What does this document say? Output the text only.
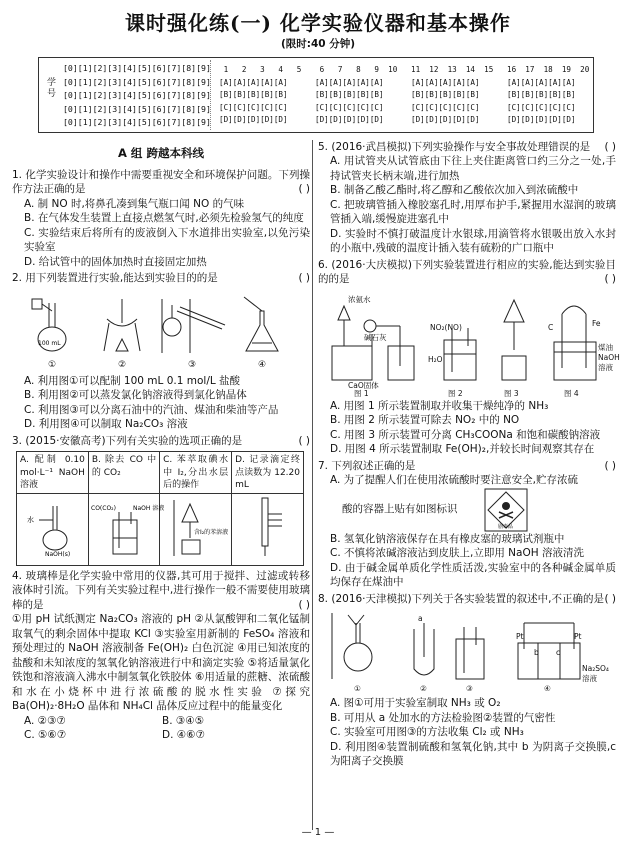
课时强化练(一) 化学实验仪器和基本操作
(限时:40 分钟)
学号
[0][1][2][3][4][5][6][7][8][9]
[0][1][2][3][4][5][6][7][8][9]
[0][1][2][3][4][5][6][7][8][9]
[0][1][2][3][4][5][6][7][8][9]
[0][1][2][3][4][5][6][7][8][9]
1   2   3   4   5
[A][A][A][A][A]
[B][B][B][B][B]
[C][C][C][C][C]
[D][D][D][D][D]
6   7   8   9  10
[A][A][A][A][A]
[B][B][B][B][B]
[C][C][C][C][C]
[D][D][D][D][D]
11  12  13  14  15
[A][A][A][A][A]
[B][B][B][B][B]
[C][C][C][C][C]
[D][D][D][D][D]
16  17  18  19  20
[A][A][A][A][A]
[B][B][B][B][B]
[C][C][C][C][C]
[D][D][D][D][D]
A 组 跨越本科线
1. 化学实验设计和操作中需要重视安全和环境保护问题。下列操作方法正确的是	( )
A. 制 NO 时,将鼻孔凑到集气瓶口闻 NO 的气味
B. 在气体发生装置上直接点燃氢气时,必须先检验氢气的纯度
C. 实验结束后将所有的废液倒入下水道排出实验室,以免污染实验室
D. 给试管中的固体加热时直接固定加热
2. 用下列装置进行实验,能达到实验目的的是	( )
100 mL
①	②	③	④
A. 利用图①可以配制 100 mL 0.1 mol/L 盐酸
B. 利用图②可以蒸发氯化钠溶液得到氯化钠晶体
C. 利用图③可以分离石油中的汽油、煤油和柴油等产品
D. 利用图④可以制取 Na₂CO₃ 溶液
3. (2015·安徽高考)下列有关实验的选项正确的是	( )
A. 配制 0.10 mol·L⁻¹ NaOH 溶液	B. 除去 CO 中的 CO₂	C. 苯萃取碘水中 I₂,分出水层后的操作	D. 记录滴定终点读数为 12.20 mL

水
NaOH(s)	CO(CO₂) NaOH 溶液	含I₂的苯溶液

4. 玻璃棒是化学实验中常用的仪器,其可用于搅拌、过滤或转移液体时引流。下列有关实验过程中,进行操作一般不需要使用玻璃棒的是	( )
①用 pH 试纸测定 Na₂CO₃ 溶液的 pH ②从氯酸钾和二氧化锰制取氧气的剩余固体中提取 KCl ③实验室用新制的 FeSO₄ 溶液和预处理过的 NaOH 溶液制备 Fe(OH)₂ 白色沉淀 ④用已知浓度的盐酸和未知浓度的氢氧化钠溶液进行中和滴定实验 ⑤将适量氯化铁饱和溶液滴入沸水中制氢氧化铁胶体 ⑥用适量的蔗糖、浓硫酸和水在小烧杯中进行浓硫酸的脱水性实验 ⑦探究 Ba(OH)₂·8H₂O 晶体和 NH₄Cl 晶体反应过程中的能量变化
A. ②③⑦	B. ③④⑤
C. ⑤⑥⑦	D. ④⑥⑦
5. (2016·武昌模拟)下列实验操作与安全事故处理错误的是 ( )
A. 用试管夹从试管底由下往上夹住距离管口约三分之一处,手持试管夹长柄末端,进行加热
B. 制备乙酸乙酯时,将乙醇和乙酸依次加入到浓硫酸中
C. 把玻璃管插入橡胶塞孔时,用厚布护手,紧握用水湿润的玻璃管插入端,缓慢旋进塞孔中
D. 实验时不慎打破温度计水银球,用滴管将水银吸出放入水封的小瓶中,残破的温度计插入装有硫粉的广口瓶中
6. (2016·大庆模拟)下列实验装置进行相应的实验,能达到实验目的的是	( )
浓氨水
碱石灰
CaO固体
NO₂(NO)
H₂O
C	Fe
煤油
NaOH
溶液
图 1	图 2	图 3	图 4
A. 用图 1 所示装置制取并收集干燥纯净的 NH₃
B. 用图 2 所示装置可除去 NO₂ 中的 NO
C. 用图 3 所示装置可分离 CH₃COONa 和饱和碳酸钠溶液
D. 用图 4 所示装置制取 Fe(OH)₂,并较长时间观察其存在
7. 下列叙述正确的是	( )
A. 为了提醒人们在使用浓硫酸时要注意安全,贮存浓硫
酸的容器上贴有如图标识
剧毒品
B. 氢氧化钠溶液保存在具有橡皮塞的玻璃试剂瓶中
C. 不慎将浓碱溶液沾到皮肤上,立即用 NaOH 溶液清洗
D. 由于碱金属单质化学性质活泼,实验室中的各种碱金属单质均保存在煤油中
8. (2016·天津模拟)下列关于各实验装置的叙述中,不正确的是 ( )
a
Pt	Pt
b c
Na₂SO₄
溶液
①	②	③	④
A. 图①可用于实验室制取 NH₃ 或 O₂
B. 可用从 a 处加水的方法检验图②装置的气密性
C. 实验室可用图③的方法收集 Cl₂ 或 NH₃
D. 利用图④装置制硫酸和氢氧化钠,其中 b 为阴离子交换膜,c 为阳离子交换膜
— 1 —
